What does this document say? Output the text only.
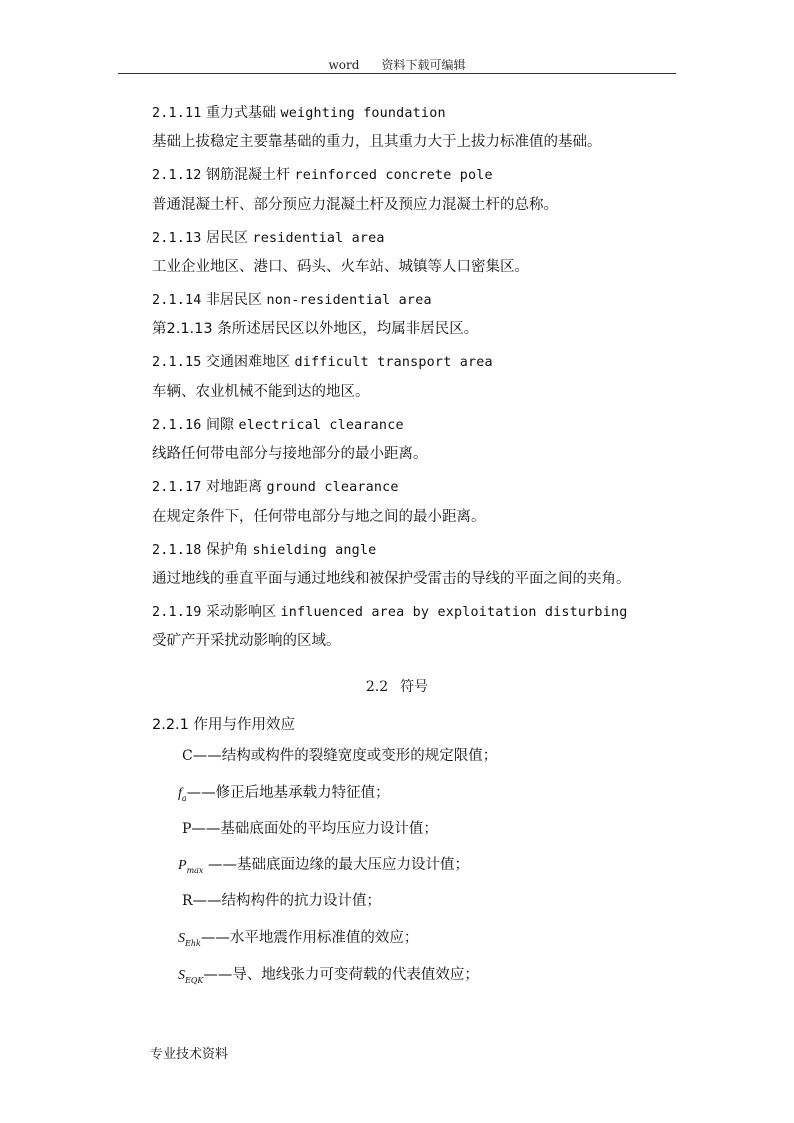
word 资料下载可编辑
2.1.11 重力式基础 weighting foundation
基础上拔稳定主要靠基础的重力，且其重力大于上拔力标准值的基础。
2.1.12 钢筋混凝土杆 reinforced concrete pole
普通混凝土杆、部分预应力混凝土杆及预应力混凝土杆的总称。
2.1.13 居民区 residential area
工业企业地区、港口、码头、火车站、城镇等人口密集区。
2.1.14 非居民区 non-residential area
第2.1.13 条所述居民区以外地区，均属非居民区。
2.1.15 交通困难地区 difficult transport area
车辆、农业机械不能到达的地区。
2.1.16 间隙 electrical clearance
线路任何带电部分与接地部分的最小距离。
2.1.17 对地距离 ground clearance
在规定条件下，任何带电部分与地之间的最小距离。
2.1.18 保护角 shielding angle
通过地线的垂直平面与通过地线和被保护受雷击的导线的平面之间的夹角。
2.1.19 采动影响区 influenced area by exploitation disturbing
受矿产开采扰动影响的区域。
2.2 符号
2.2.1 作用与作用效应
C——结构或构件的裂缝宽度或变形的规定限值；
$f_a——$修正后地基承载力特征值；
P——基础底面处的平均压应力设计值；
$P_{max}$ ——基础底面边缘的最大压应力设计值；
R——结构构件的抗力设计值；
$S_{Ehk}——$水平地震作用标准值的效应；
$S_{EQK}——$导、地线张力可变荷载的代表值效应；
专业技术资料
